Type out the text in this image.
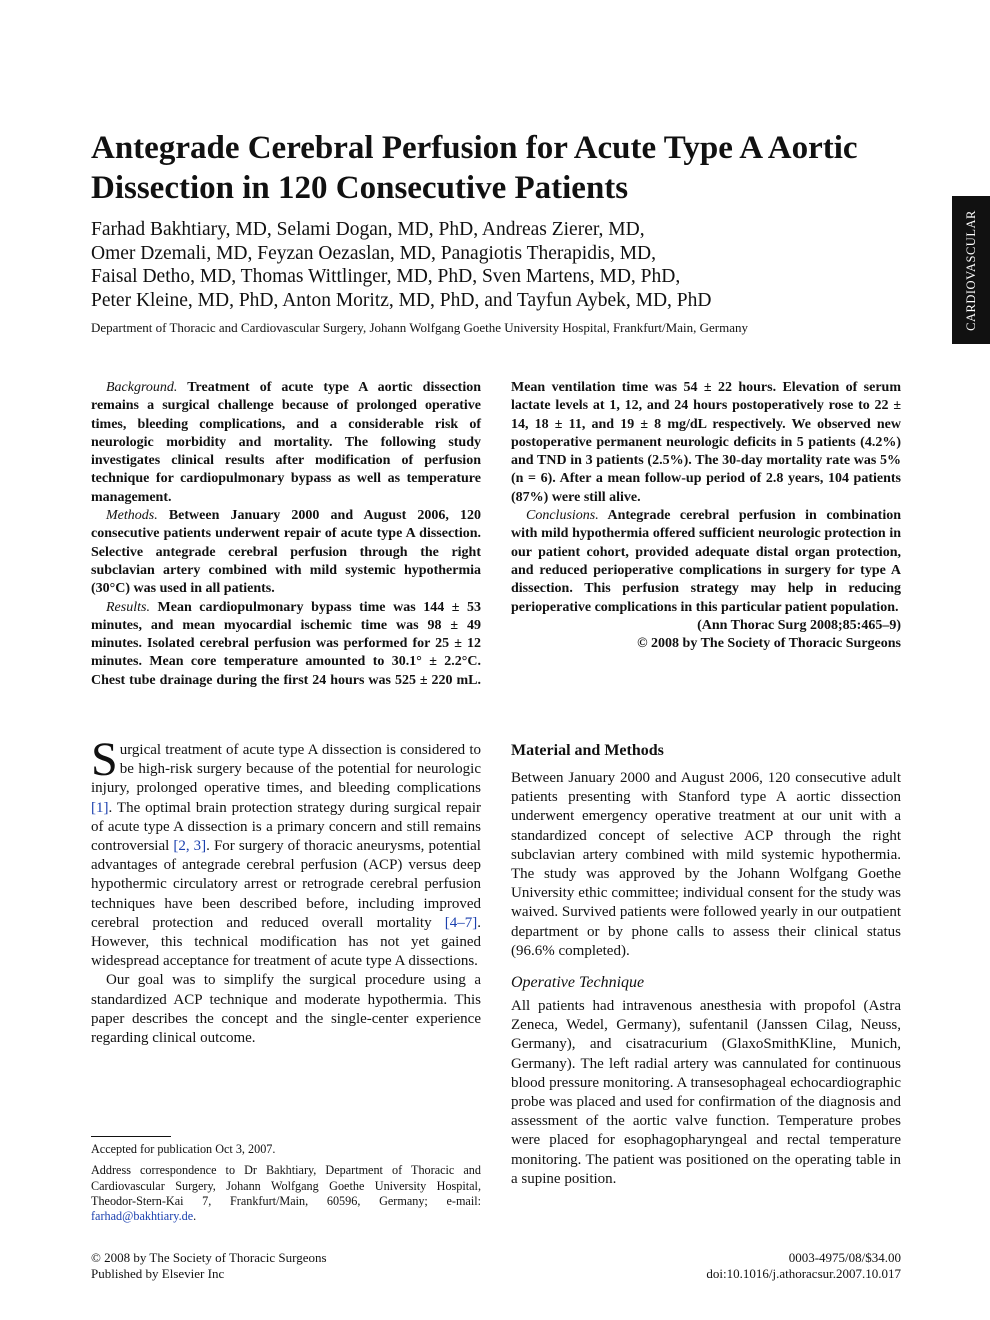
Antegrade Cerebral Perfusion for Acute Type A Aortic Dissection in 120 Consecutive Patients
Farhad Bakhtiary, MD, Selami Dogan, MD, PhD, Andreas Zierer, MD,
Omer Dzemali, MD, Feyzan Oezaslan, MD, Panagiotis Therapidis, MD,
Faisal Detho, MD, Thomas Wittlinger, MD, PhD, Sven Martens, MD, PhD,
Peter Kleine, MD, PhD, Anton Moritz, MD, PhD, and Tayfun Aybek, MD, PhD
Department of Thoracic and Cardiovascular Surgery, Johann Wolfgang Goethe University Hospital, Frankfurt/Main, Germany	CARDIOVASCULAR

Background. Treatment of acute type A aortic dissection remains a surgical challenge because of prolonged operative times, bleeding complications, and a considerable risk of neurologic morbidity and mortality. The following study investigates clinical results after modification of perfusion technique for cardiopulmonary bypass as well as temperature management.

Methods. Between January 2000 and August 2006, 120 consecutive patients underwent repair of acute type A dissection. Selective antegrade cerebral perfusion through the right subclavian artery combined with mild systemic hypothermia (30°C) was used in all patients.

Results. Mean cardiopulmonary bypass time was 144 ± 53 minutes, and mean myocardial ischemic time was 98 ± 49 minutes. Isolated cerebral perfusion was performed for 25 ± 12 minutes. Mean core temperature amounted to 30.1° ± 2.2°C. Chest tube drainage during the first 24 hours was 525 ± 220 mL. Mean ventilation time was 54 ± 22 hours. Elevation of serum lactate levels at 1, 12, and 24 hours postoperatively rose to 22 ± 14, 18 ± 11, and 19 ± 8 mg/dL respectively. We observed new postoperative permanent neurologic deficits in 5 patients (4.2%) and TND in 3 patients (2.5%). The 30-day mortality rate was 5% (n = 6). After a mean follow-up period of 2.8 years, 104 patients (87%) were still alive.

Conclusions. Antegrade cerebral perfusion in combination with mild hypothermia offered sufficient neurologic protection in our patient cohort, provided adequate distal organ protection, and reduced perioperative complications in surgery for type A dissection. This perfusion strategy may help in reducing perioperative complications in this particular patient population.

(Ann Thorac Surg 2008;85:465–9)

© 2008 by The Society of Thoracic Surgeons

Surgical treatment of acute type A dissection is considered to be high-risk surgery because of the potential for neurologic injury, prolonged operative times, and bleeding complications [1]. The optimal brain protection strategy during surgical repair of acute type A dissection is a primary concern and still remains controversial [2, 3]. For surgery of thoracic aneurysms, potential advantages of antegrade cerebral perfusion (ACP) versus deep hypothermic circulatory arrest or retrograde cerebral perfusion techniques have been described before, including improved cerebral protection and reduced overall mortality [4–7]. However, this technical modification has not yet gained widespread acceptance for treatment of acute type A dissections.

Our goal was to simplify the surgical procedure using a standardized ACP technique and moderate hypothermia. This paper describes the concept and the single-center experience regarding clinical outcome.

Material and Methods

Between January 2000 and August 2006, 120 consecutive adult patients presenting with Stanford type A aortic dissection underwent emergency operative treatment at our unit with a standardized concept of selective ACP through the right subclavian artery combined with mild systemic hypothermia. The study was approved by the Johann Wolfgang Goethe University ethic committee; individual consent for the study was waived. Survived patients were followed yearly in our outpatient department or by phone calls to assess their clinical status (96.6% completed).

Operative Technique

All patients had intravenous anesthesia with propofol (Astra Zeneca, Wedel, Germany), sufentanil (Janssen Cilag, Neuss, Germany), and cisatracurium (GlaxoSmithKline, Munich, Germany). The left radial artery was cannulated for continuous blood pressure monitoring. A transesophageal echocardiographic probe was placed and used for confirmation of the diagnosis and assessment of the aortic valve function. Temperature probes were placed for esophagopharyngeal and rectal temperature monitoring. The patient was positioned on the operating table in a supine position.

Accepted for publication Oct 3, 2007.

Address correspondence to Dr Bakhtiary, Department of Thoracic and Cardiovascular Surgery, Johann Wolfgang Goethe University Hospital, Theodor-Stern-Kai 7, Frankfurt/Main, 60596, Germany; e-mail: farhad@bakhtiary.de.

© 2008 by The Society of Thoracic Surgeons
Published by Elsevier Inc
0003-4975/08/$34.00
doi:10.1016/j.athoracsur.2007.10.017
